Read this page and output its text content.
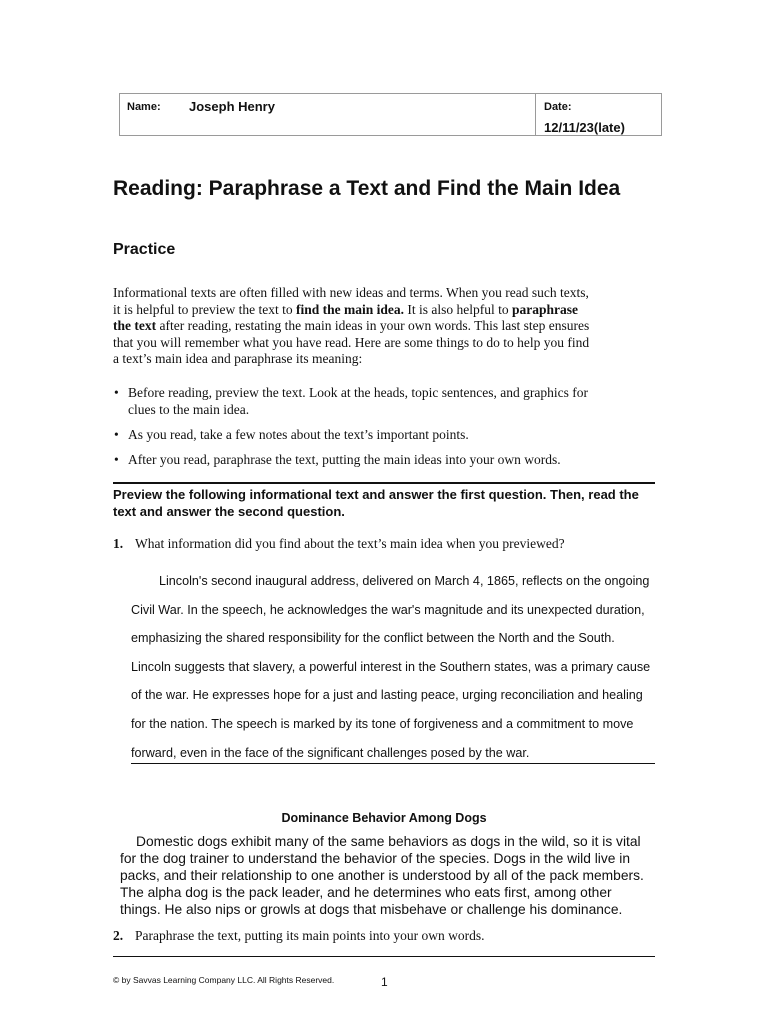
Name: Joseph Henry	Date:
12/11/23(late)
Reading: Paraphrase a Text and Find the Main Idea
Practice

Informational texts are often filled with new ideas and terms. When you read such texts, it is helpful to preview the text to find the main idea. It is also helpful to paraphrase the text after reading, restating the main ideas in your own words. This last step ensures that you will remember what you have read. Here are some things to do to help you find a text’s main idea and paraphrase its meaning:

• Before reading, preview the text. Look at the heads, topic sentences, and graphics for clues to the main idea.
• As you read, take a few notes about the text’s important points.
• After you read, paraphrase the text, putting the main ideas into your own words.

Preview the following informational text and answer the first question. Then, read the text and answer the second question.

1. What information did you find about the text’s main idea when you previewed?

Lincoln's second inaugural address, delivered on March 4, 1865, reflects on the ongoing Civil War. In the speech, he acknowledges the war's magnitude and its unexpected duration, emphasizing the shared responsibility for the conflict between the North and the South. Lincoln suggests that slavery, a powerful interest in the Southern states, was a primary cause of the war. He expresses hope for a just and lasting peace, urging reconciliation and healing for the nation. The speech is marked by its tone of forgiveness and a commitment to move forward, even in the face of the significant challenges posed by the war.

Dominance Behavior Among Dogs

Domestic dogs exhibit many of the same behaviors as dogs in the wild, so it is vital for the dog trainer to understand the behavior of the species. Dogs in the wild live in packs, and their relationship to one another is understood by all of the pack members. The alpha dog is the pack leader, and he determines who eats first, among other things. He also nips or growls at dogs that misbehave or challenge his dominance.

2. Paraphrase the text, putting its main points into your own words.
© by Savvas Learning Company LLC. All Rights Reserved.	1
